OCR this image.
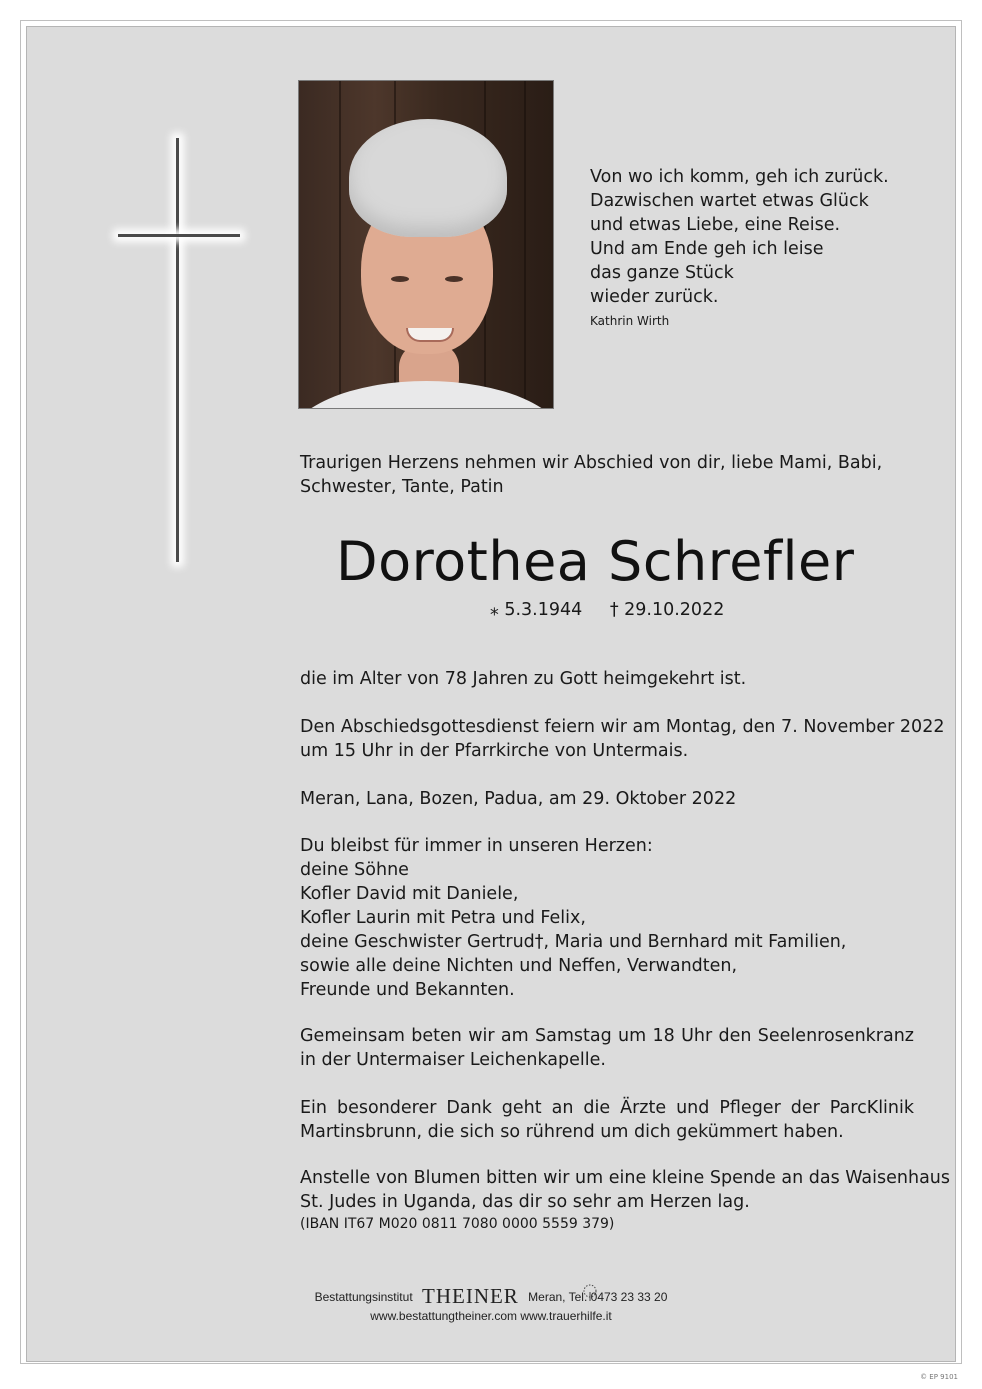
Von wo ich komm, geh ich zurück.
Dazwischen wartet etwas Glück
und etwas Liebe, eine Reise.
Und am Ende geh ich leise
das ganze Stück
wieder zurück.
Kathrin Wirth
Traurigen Herzens nehmen wir Abschied von dir, liebe Mami, Babi,
Schwester, Tante, Patin
Dorothea Schrefler
⁎ 5.3.1944 † 29.10.2022
die im Alter von 78 Jahren zu Gott heimgekehrt ist.
Den Abschiedsgottesdienst feiern wir am Montag, den 7. November 2022
um 15 Uhr in der Pfarrkirche von Untermais.
Meran, Lana, Bozen, Padua, am 29. Oktober 2022
Du bleibst für immer in unseren Herzen:
deine Söhne
Kofler David mit Daniele,
Kofler Laurin mit Petra und Felix,
deine Geschwister Gertrud†, Maria und Bernhard mit Familien,
sowie alle deine Nichten und Neffen, Verwandten,
Freunde und Bekannten.
Gemeinsam beten wir am Samstag um 18 Uhr den Seelenrosenkranz in der Untermaiser Leichenkapelle.
Ein besonderer Dank geht an die Ärzte und Pfleger der ParcKlinik Martinsbrunn, die sich so rührend um dich gekümmert haben.
Anstelle von Blumen bitten wir um eine kleine Spende an das Waisenhaus
St. Judes in Uganda, das dir so sehr am Herzen lag.
(IBAN IT67 M020 0811 7080 0000 5559 379)
Bestattungsinstitut THEINER Meran, Tel. 0473 23 33 20
www.bestattungtheiner.com www.trauerhilfe.it
© EP 9101
